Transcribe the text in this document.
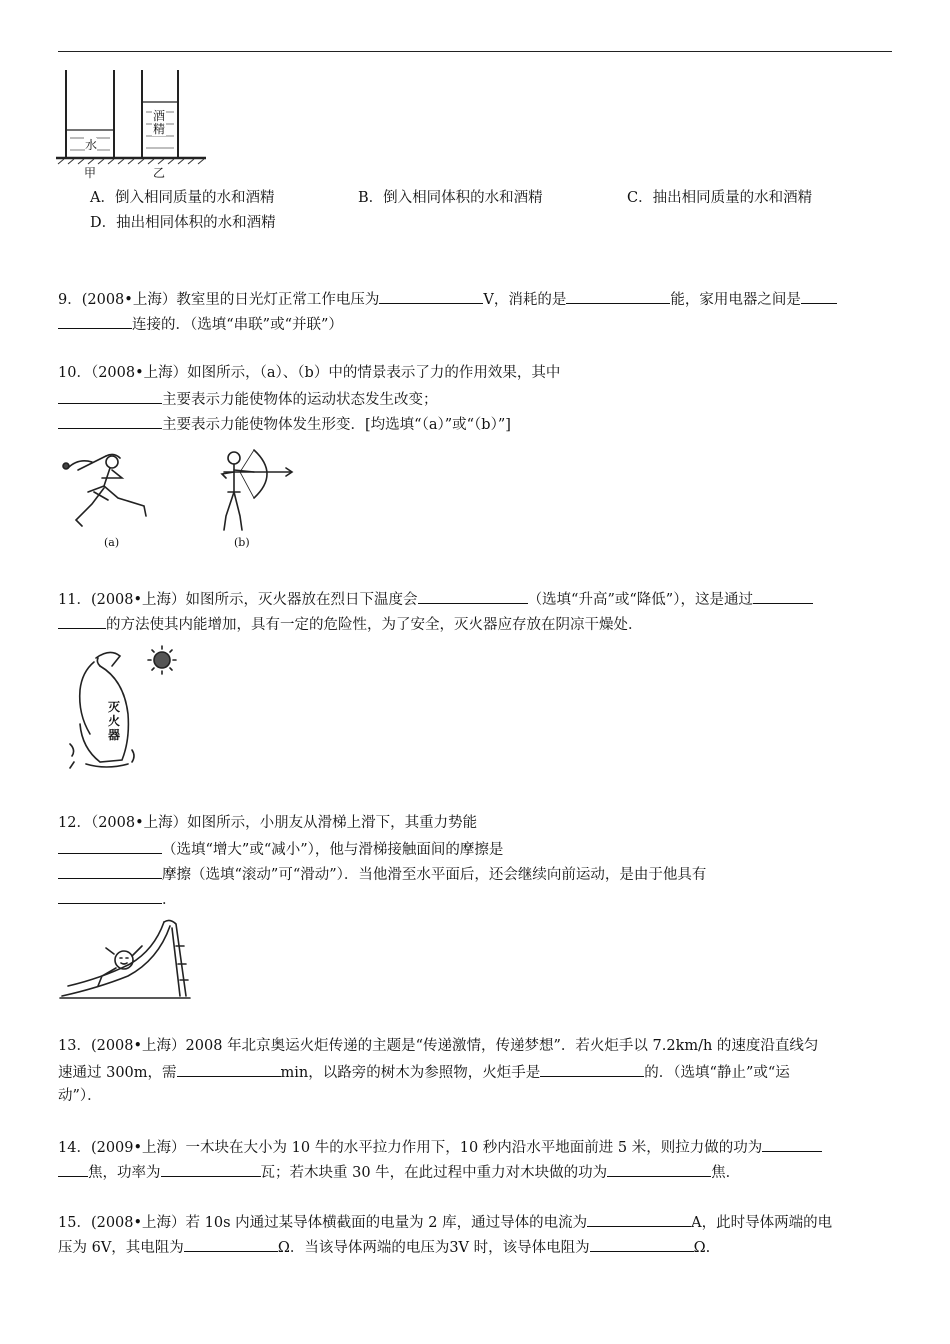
水
酒精
甲	乙
A．倒入相同质量的水和酒精	B．倒入相同体积的水和酒精	C．抽出相同质量的水和酒精
D．抽出相同体积的水和酒精
9．(2008•上海）教室里的日光灯正常工作电压为	V，消耗的是	能，家用电器之间是
连接的．（选填“串联”或“并联”）
10．（2008•上海）如图所示，（a）、（b）中的情景表示了力的作用效果，其中
主要表示力能使物体的运动状态发生改变；
主要表示力能使物体发生形变．[均选填“（a）”或“（b）”]
(a)	(b)
11．(2008•上海）如图所示，灭火器放在烈日下温度会	（选填“升高”或“降低”），这是通过
的方法使其内能增加，具有一定的危险性，为了安全，灭火器应存放在阴凉干燥处．
灭火器
12．（2008•上海）如图所示，小朋友从滑梯上滑下，其重力势能
（选填“增大”或“减小”），他与滑梯接触面间的摩擦是
摩擦（选填“滚动”可“滑动”）．当他滑至水平面后，还会继续向前运动，是由于他具有
．
13．(2008•上海）2008 年北京奥运火炬传递的主题是“传递激情，传递梦想”．若火炬手以 7.2km/h 的速度沿直线匀
速通过 300m，需	min，以路旁的树木为参照物，火炬手是	的．（选填“静止”或“运
动”）．
14．(2009•上海）一木块在大小为 10 牛的水平拉力作用下，10 秒内沿水平地面前进 5 米，则拉力做的功为
焦，功率为	瓦；若木块重 30 牛，在此过程中重力对木块做的功为	焦．
15．(2008•上海）若 10s 内通过某导体横截面的电量为 2 库，通过导体的电流为	A，此时导体两端的电
压为 6V，其电阻为	Ω．当该导体两端的电压为3V 时，该导体电阻为	Ω.
